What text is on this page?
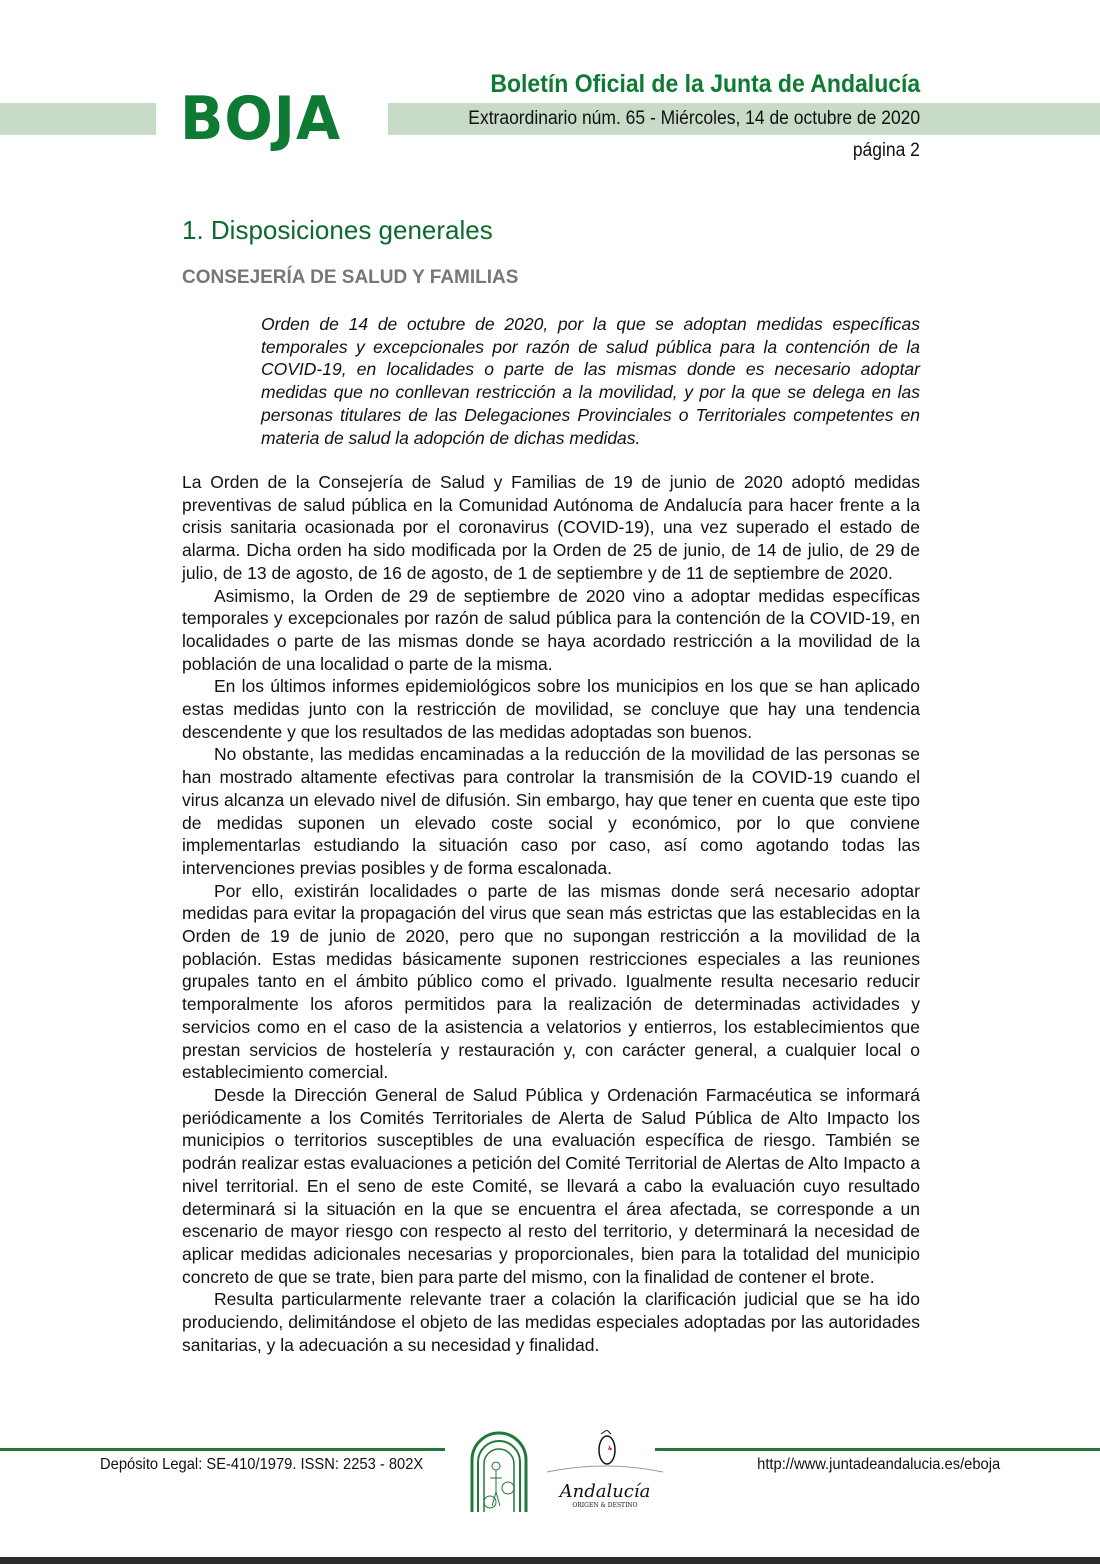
BOJA	Boletín Oficial de la Junta de Andalucía
Extraordinario núm. 65 - Miércoles, 14 de octubre de 2020
página 2
1. Disposiciones generales
CONSEJERÍA DE SALUD Y FAMILIAS
Orden de 14 de octubre de 2020, por la que se adoptan medidas específicas temporales y excepcionales por razón de salud pública para la contención de la COVID-19, en localidades o parte de las mismas donde es necesario adoptar medidas que no conllevan restricción a la movilidad, y por la que se delega en las personas titulares de las Delegaciones Provinciales o Territoriales competentes en materia de salud la adopción de dichas medidas.

La Orden de la Consejería de Salud y Familias de 19 de junio de 2020 adoptó medidas preventivas de salud pública en la Comunidad Autónoma de Andalucía para hacer frente a la crisis sanitaria ocasionada por el coronavirus (COVID-19), una vez superado el estado de alarma. Dicha orden ha sido modificada por la Orden de 25 de junio, de 14 de julio, de 29 de julio, de 13 de agosto, de 16 de agosto, de 1 de septiembre y de 11 de septiembre de 2020.

Asimismo, la Orden de 29 de septiembre de 2020 vino a adoptar medidas específicas temporales y excepcionales por razón de salud pública para la contención de la COVID-19, en localidades o parte de las mismas donde se haya acordado restricción a la movilidad de la población de una localidad o parte de la misma.

En los últimos informes epidemiológicos sobre los municipios en los que se han aplicado estas medidas junto con la restricción de movilidad, se concluye que hay una tendencia descendente y que los resultados de las medidas adoptadas son buenos.

No obstante, las medidas encaminadas a la reducción de la movilidad de las personas se han mostrado altamente efectivas para controlar la transmisión de la COVID-19 cuando el virus alcanza un elevado nivel de difusión. Sin embargo, hay que tener en cuenta que este tipo de medidas suponen un elevado coste social y económico, por lo que conviene implementarlas estudiando la situación caso por caso, así como agotando todas las intervenciones previas posibles y de forma escalonada.

Por ello, existirán localidades o parte de las mismas donde será necesario adoptar medidas para evitar la propagación del virus que sean más estrictas que las establecidas en la Orden de 19 de junio de 2020, pero que no supongan restricción a la movilidad de la población. Estas medidas básicamente suponen restricciones especiales a las reuniones grupales tanto en el ámbito público como el privado. Igualmente resulta necesario reducir temporalmente los aforos permitidos para la realización de determinadas actividades y servicios como en el caso de la asistencia a velatorios y entierros, los establecimientos que prestan servicios de hostelería y restauración y, con carácter general, a cualquier local o establecimiento comercial.

Desde la Dirección General de Salud Pública y Ordenación Farmacéutica se informará periódicamente a los Comités Territoriales de Alerta de Salud Pública de Alto Impacto los municipios o territorios susceptibles de una evaluación específica de riesgo. También se podrán realizar estas evaluaciones a petición del Comité Territorial de Alertas de Alto Impacto a nivel territorial. En el seno de este Comité, se llevará a cabo la evaluación cuyo resultado determinará si la situación en la que se encuentra el área afectada, se corresponde a un escenario de mayor riesgo con respecto al resto del territorio, y determinará la necesidad de aplicar medidas adicionales necesarias y proporcionales, bien para la totalidad del municipio concreto de que se trate, bien para parte del mismo, con la finalidad de contener el brote.

Resulta particularmente relevante traer a colación la clarificación judicial que se ha ido produciendo, delimitándose el objeto de las medidas especiales adoptadas por las autoridades sanitarias, y la adecuación a su necesidad y finalidad.

Depósito Legal: SE-410/1979. ISSN: 2253 - 802X	http://www.juntadeandalucia.es/eboja
Andalucía
ORIGEN & DESTINO
